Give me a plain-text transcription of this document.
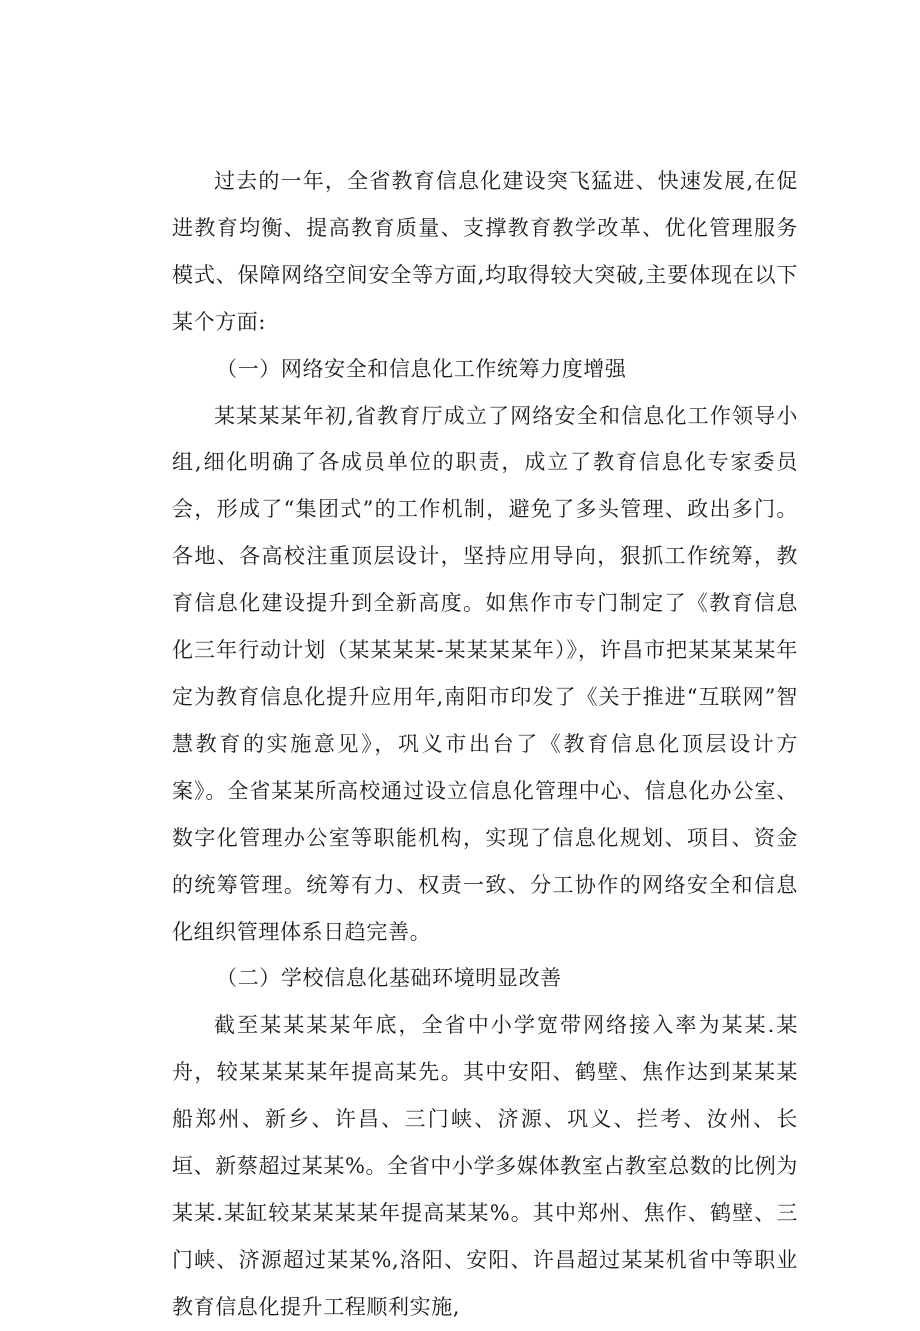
过去的一年，全省教育信息化建设突飞猛进、快速发展,在促进教育均衡、提高教育质量、支撑教育教学改革、优化管理服务模式、保障网络空间安全等方面,均取得较大突破,主要体现在以下某个方面:

（一）网络安全和信息化工作统筹力度增强

某某某某年初,省教育厅成立了网络安全和信息化工作领导小组,细化明确了各成员单位的职责，成立了教育信息化专家委员会，形成了“集团式”的工作机制，避免了多头管理、政出多门。各地、各高校注重顶层设计，坚持应用导向，狠抓工作统筹，教育信息化建设提升到全新高度。如焦作市专门制定了《教育信息化三年行动计划（某某某某-某某某某年）》，许昌市把某某某某年定为教育信息化提升应用年,南阳市印发了《关于推进“互联网”智慧教育的实施意见》，巩义市出台了《教育信息化顶层设计方案》。全省某某所高校通过设立信息化管理中心、信息化办公室、数字化管理办公室等职能机构，实现了信息化规划、项目、资金的统筹管理。统筹有力、权责一致、分工协作的网络安全和信息化组织管理体系日趋完善。

（二）学校信息化基础环境明显改善

截至某某某某年底，全省中小学宽带网络接入率为某某.某舟，较某某某某年提高某先。其中安阳、鹤壁、焦作达到某某某船郑州、新乡、许昌、三门峡、济源、巩义、拦考、汝州、长垣、新蔡超过某某%。全省中小学多媒体教室占教室总数的比例为某某.某缸较某某某某年提高某某%。其中郑州、焦作、鹤壁、三门峡、济源超过某某%,洛阳、安阳、许昌超过某某机省中等职业教育信息化提升工程顺利实施,
